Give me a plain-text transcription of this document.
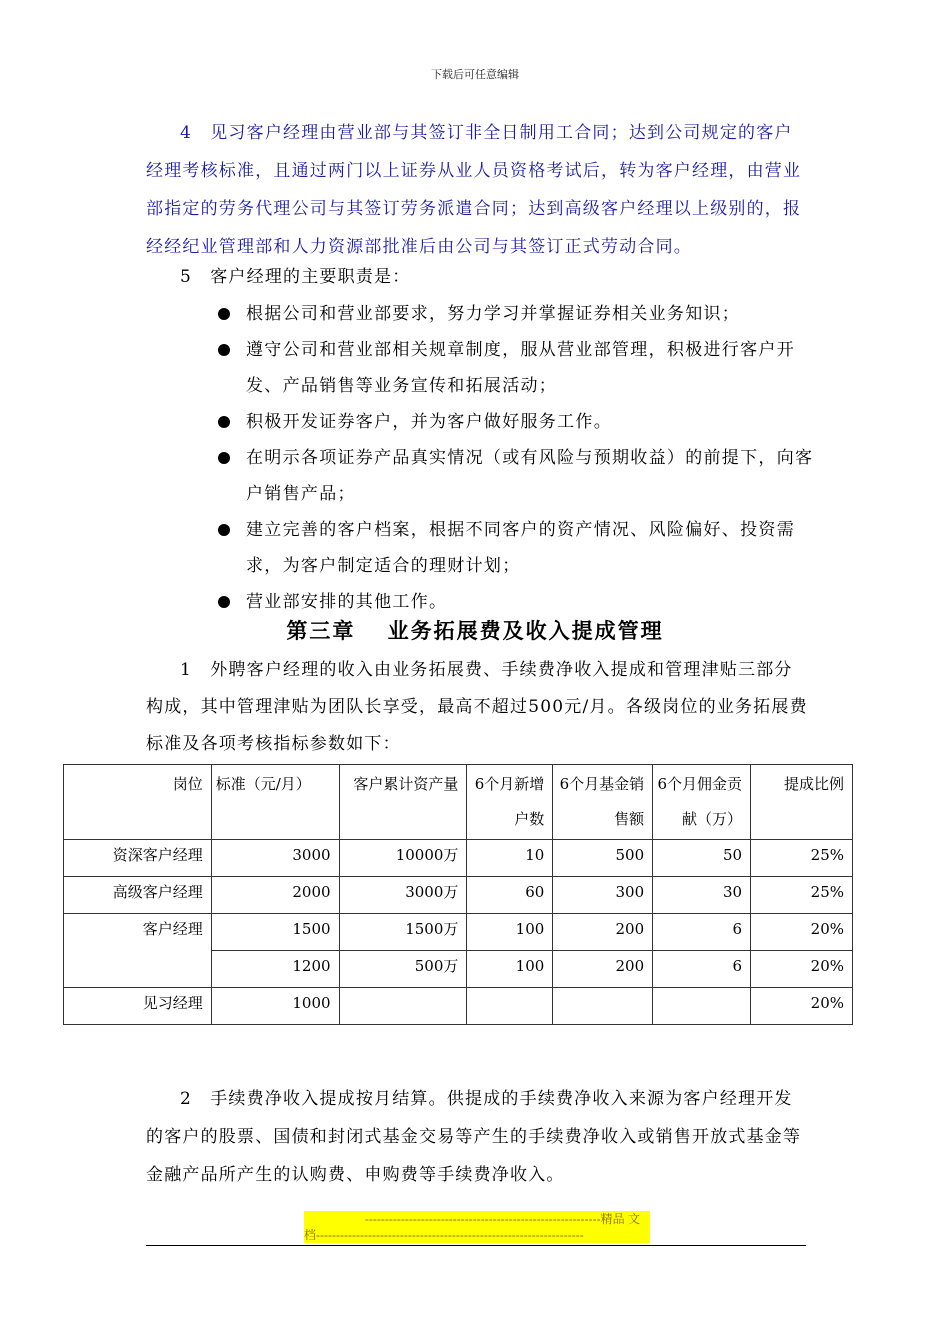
下载后可任意编辑
4　见习客户经理由营业部与其签订非全日制用工合同；达到公司规定的客户经理考核标准，且通过两门以上证券从业人员资格考试后，转为客户经理，由营业部指定的劳务代理公司与其签订劳务派遣合同；达到高级客户经理以上级别的，报经经纪业管理部和人力资源部批准后由公司与其签订正式劳动合同。
5　客户经理的主要职责是：
根据公司和营业部要求，努力学习并掌握证券相关业务知识；
遵守公司和营业部相关规章制度，服从营业部管理，积极进行客户开发、产品销售等业务宣传和拓展活动；
积极开发证券客户，并为客户做好服务工作。
在明示各项证券产品真实情况（或有风险与预期收益）的前提下，向客户销售产品；
建立完善的客户档案，根据不同客户的资产情况、风险偏好、投资需求，为客户制定适合的理财计划；
营业部安排的其他工作。
第三章　 业务拓展费及收入提成管理
1　外聘客户经理的收入由业务拓展费、手续费净收入提成和管理津贴三部分构成，其中管理津贴为团队长享受，最高不超过500元/月。各级岗位的业务拓展费标准及各项考核指标参数如下：
岗位	标准（元/月）	客户累计资产量	6个月新增户数	6个月基金销售额	6个月佣金贡献（万）	提成比例
资深客户经理	3000	10000万	10	500	50	25%
高级客户经理	2000	3000万	60	300	30	25%
客户经理	1500	1500万	100	200	6	20%
	1200	500万	100	200	6	20%
见习经理	1000					20%
2　手续费净收入提成按月结算。供提成的手续费净收入来源为客户经理开发的客户的股票、国债和封闭式基金交易等产生的手续费净收入或销售开放式基金等金融产品所产生的认购费、申购费等手续费净收入。
-----------------------------------------------------------精品 文
档-------------------------------------------------------------------
